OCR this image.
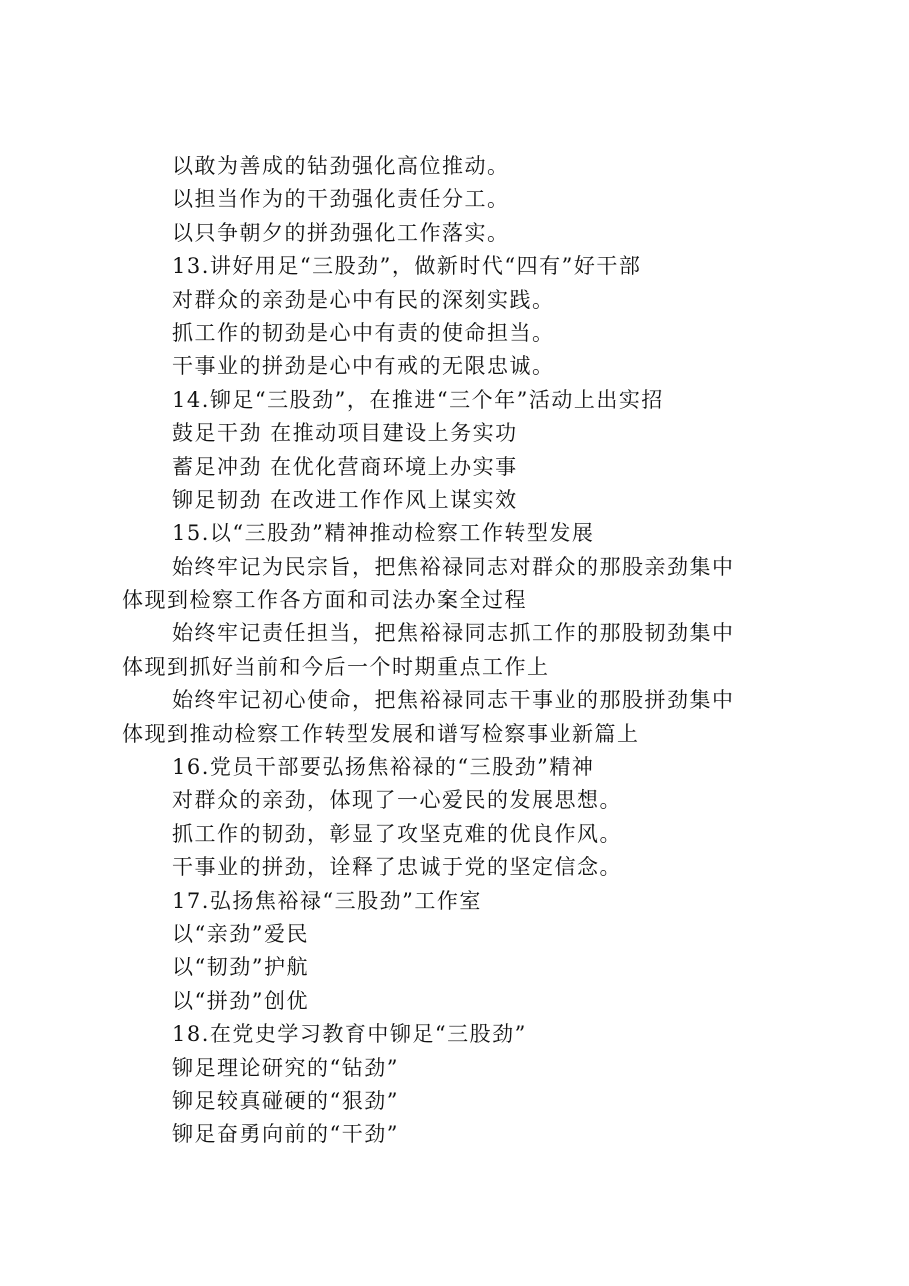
以敢为善成的钻劲强化高位推动。
以担当作为的干劲强化责任分工。
以只争朝夕的拼劲强化工作落实。
13.讲好用足“三股劲”，做新时代“四有”好干部
对群众的亲劲是心中有民的深刻实践。
抓工作的韧劲是心中有责的使命担当。
干事业的拼劲是心中有戒的无限忠诚。
14.铆足“三股劲”，在推进“三个年”活动上出实招
鼓足干劲 在推动项目建设上务实功
蓄足冲劲 在优化营商环境上办实事
铆足韧劲 在改进工作作风上谋实效
15.以“三股劲”精神推动检察工作转型发展
始终牢记为民宗旨，把焦裕禄同志对群众的那股亲劲集中
体现到检察工作各方面和司法办案全过程
始终牢记责任担当，把焦裕禄同志抓工作的那股韧劲集中
体现到抓好当前和今后一个时期重点工作上
始终牢记初心使命，把焦裕禄同志干事业的那股拼劲集中
体现到推动检察工作转型发展和谱写检察事业新篇上
16.党员干部要弘扬焦裕禄的“三股劲”精神
对群众的亲劲，体现了一心爱民的发展思想。
抓工作的韧劲，彰显了攻坚克难的优良作风。
干事业的拼劲，诠释了忠诚于党的坚定信念。
17.弘扬焦裕禄“三股劲”工作室
以“亲劲”爱民
以“韧劲”护航
以“拼劲”创优
18.在党史学习教育中铆足“三股劲”
铆足理论研究的“钻劲”
铆足较真碰硬的“狠劲”
铆足奋勇向前的“干劲”
